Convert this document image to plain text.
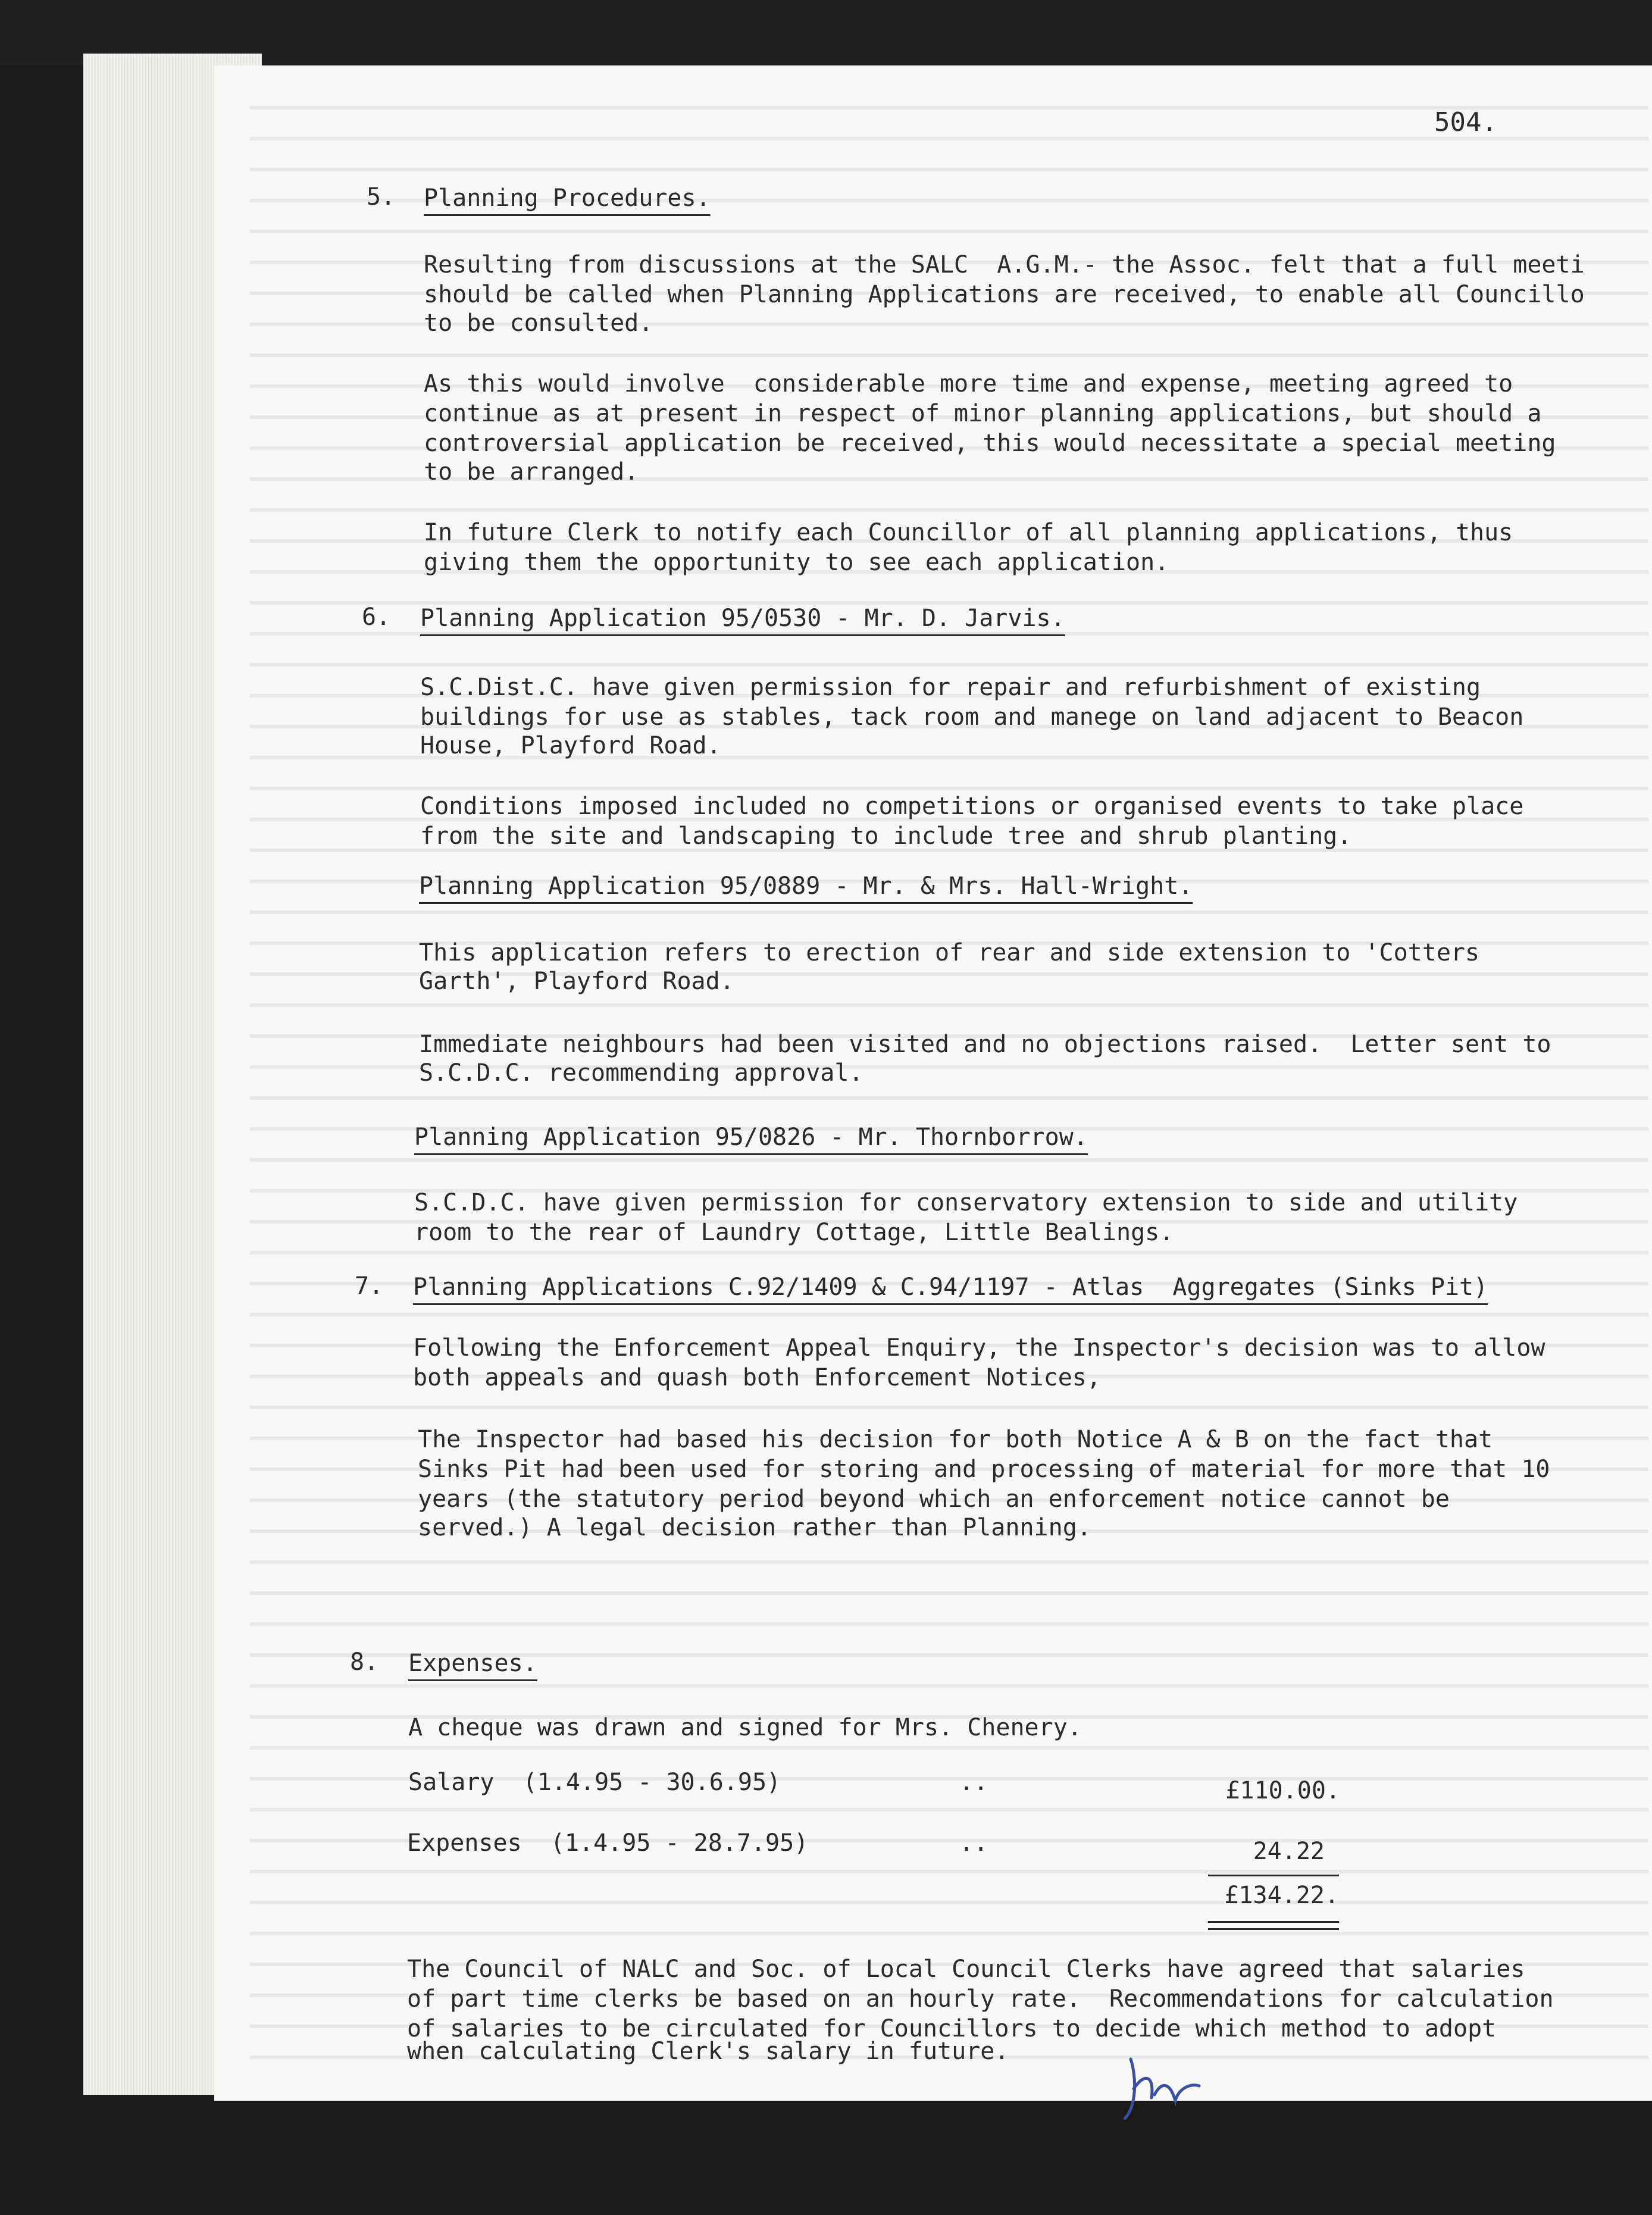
504.
5. Planning Procedures.
Resulting from discussions at the SALC  A.G.M.- the Assoc. felt that a full meeti
should be called when Planning Applications are received, to enable all Councillo
to be consulted.
As this would involve  considerable more time and expense, meeting agreed to
continue as at present in respect of minor planning applications, but should a
controversial application be received, this would necessitate a special meeting
to be arranged.
In future Clerk to notify each Councillor of all planning applications, thus
giving them the opportunity to see each application.
6. Planning Application 95/0530 - Mr. D. Jarvis.
S.C.Dist.C. have given permission for repair and refurbishment of existing
buildings for use as stables, tack room and manege on land adjacent to Beacon
House, Playford Road.
Conditions imposed included no competitions or organised events to take place
from the site and landscaping to include tree and shrub planting.
Planning Application 95/0889 - Mr. & Mrs. Hall-Wright.
This application refers to erection of rear and side extension to 'Cotters
Garth', Playford Road.
Immediate neighbours had been visited and no objections raised.  Letter sent to
S.C.D.C. recommending approval.
Planning Application 95/0826 - Mr. Thornborrow.
S.C.D.C. have given permission for conservatory extension to side and utility
room to the rear of Laundry Cottage, Little Bealings.
7. Planning Applications C.92/1409 & C.94/1197 - Atlas  Aggregates (Sinks Pit)
Following the Enforcement Appeal Enquiry, the Inspector's decision was to allow
both appeals and quash both Enforcement Notices,
The Inspector had based his decision for both Notice A & B on the fact that
Sinks Pit had been used for storing and processing of material for more that 10
years (the statutory period beyond which an enforcement notice cannot be
served.) A legal decision rather than Planning.
8. Expenses.
A cheque was drawn and signed for Mrs. Chenery.
Salary  (1.4.95 - 30.6.95)	..	£110.00.
Expenses  (1.4.95 - 28.7.95)	..	24.22
£134.22.
The Council of NALC and Soc. of Local Council Clerks have agreed that salaries
of part time clerks be based on an hourly rate.  Recommendations for calculation
of salaries to be circulated for Councillors to decide which method to adopt
when calculating Clerk's salary in future.
